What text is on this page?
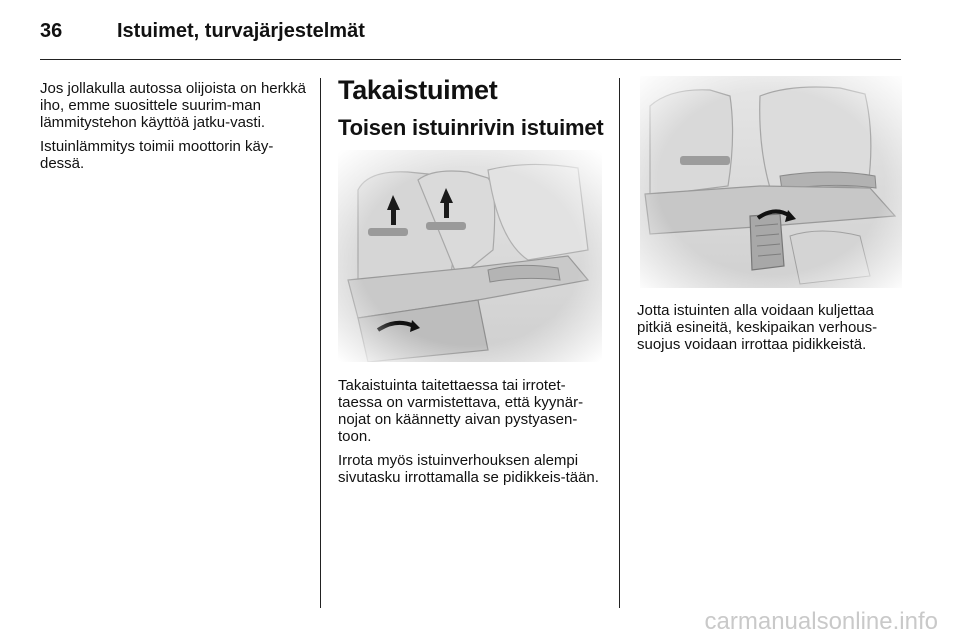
36	Istuimet, turvajärjestelmät

Jos jollakulla autossa olijoista on herkkä iho, emme suosittele suurim-man lämmitystehon käyttöä jatku-vasti.

Istuinlämmitys toimii moottorin käy-dessä.

Takaistuimet
Toisen istuinrivin istuimet

Takaistuinta taitettaessa tai irrotet-taessa on varmistettava, että kyynär-nojat on käännetty aivan pystyasen-toon.

Irrota myös istuinverhouksen alempi sivutasku irrottamalla se pidikkeis-tään.

Jotta istuinten alla voidaan kuljettaa pitkiä esineitä, keskipaikan verhous-suojus voidaan irrottaa pidikkeistä.

carmanualsonline.info
